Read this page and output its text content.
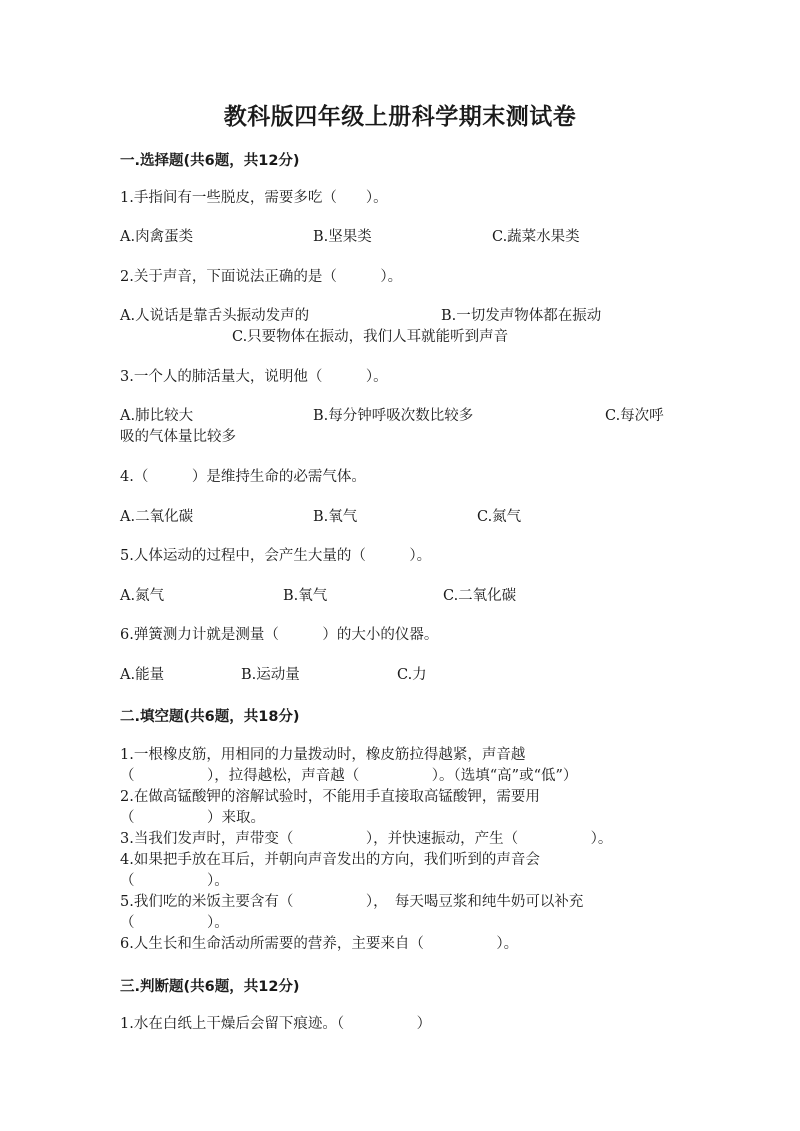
教科版四年级上册科学期末测试卷
一.选择题(共6题，共12分)
1.手指间有一些脱皮，需要多吃（　　）。
A.肉禽蛋类	B.坚果类	C.蔬菜水果类
2.关于声音，下面说法正确的是（　　　）。
A.人说话是靠舌头振动发声的	B.一切发声物体都在振动
C.只要物体在振动，我们人耳就能听到声音
3.一个人的肺活量大，说明他（　　　）。
A.肺比较大	B.每分钟呼吸次数比较多	C.每次呼
吸的气体量比较多
4.（　　　）是维持生命的必需气体。
A.二氧化碳	B.氧气	C.氮气
5.人体运动的过程中，会产生大量的（　　　）。
A.氮气	B.氧气	C.二氧化碳
6.弹簧测力计就是测量（　　　）的大小的仪器。
A.能量	B.运动量	C.力
二.填空题(共6题，共18分)
1.一根橡皮筋，用相同的力量拨动时，橡皮筋拉得越紧，声音越
（　　　　　），拉得越松，声音越（　　　　　）。（选填“高”或“低”）
2.在做高锰酸钾的溶解试验时，不能用手直接取高锰酸钾，需要用
（　　　　　）来取。
3.当我们发声时，声带变（　　　　　），并快速振动，产生（　　　　　）。
4.如果把手放在耳后，并朝向声音发出的方向，我们听到的声音会
（　　　　　）。
5.我们吃的米饭主要含有（　　　　　），　每天喝豆浆和纯牛奶可以补充
（　　　　　）。
6.人生长和生命活动所需要的营养，主要来自（　　　　　）。
三.判断题(共6题，共12分)
1.水在白纸上干燥后会留下痕迹。（　　　　　）
